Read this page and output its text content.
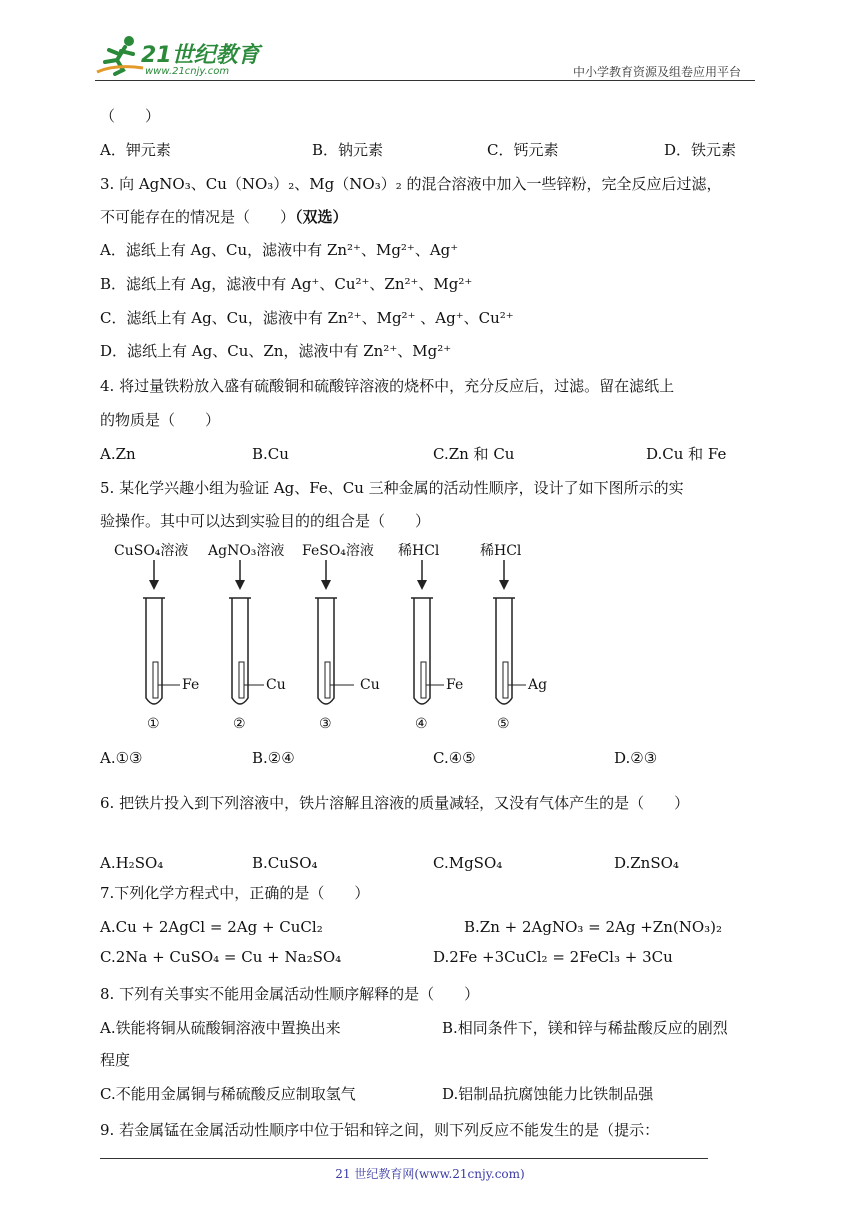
21世纪教育
www.21cnjy.com	中小学教育资源及组卷应用平台
（　　）
A．钾元素	B．钠元素	C．钙元素	D．铁元素
3. 向 AgNO₃、Cu（NO₃）₂、Mg（NO₃）₂ 的混合溶液中加入一些锌粉，完全反应后过滤，
不可能存在的情况是（　　）（双选）
A．滤纸上有 Ag、Cu，滤液中有 Zn²⁺、Mg²⁺、Ag⁺
B．滤纸上有 Ag，滤液中有 Ag⁺、Cu²⁺、Zn²⁺、Mg²⁺
C．滤纸上有 Ag、Cu，滤液中有 Zn²⁺、Mg²⁺ 、Ag⁺、Cu²⁺
D．滤纸上有 Ag、Cu、Zn，滤液中有 Zn²⁺、Mg²⁺
4. 将过量铁粉放入盛有硫酸铜和硫酸锌溶液的烧杯中，充分反应后，过滤。留在滤纸上
的物质是（　　）
A.Zn	B.Cu	C.Zn 和 Cu	D.Cu 和 Fe
5. 某化学兴趣小组为验证 Ag、Fe、Cu 三种金属的活动性顺序，设计了如下图所示的实
验操作。其中可以达到实验目的的组合是（　　）
CuSO₄溶液
Fe
①
AgNO₃溶液
Cu
②
FeSO₄溶液
Cu
③
稀HCl
Fe
④
稀HCl
Ag
⑤
A.①③	B.②④	C.④⑤	D.②③
6. 把铁片投入到下列溶液中，铁片溶解且溶液的质量减轻，又没有气体产生的是（　　）
A.H₂SO₄	B.CuSO₄	C.MgSO₄	D.ZnSO₄
7.下列化学方程式中，正确的是（　　）
A.Cu + 2AgCl = 2Ag + CuCl₂	B.Zn + 2AgNO₃ = 2Ag +Zn(NO₃)₂
C.2Na + CuSO₄ = Cu + Na₂SO₄	D.2Fe +3CuCl₂ = 2FeCl₃ + 3Cu
8. 下列有关事实不能用金属活动性顺序解释的是（　　）
A.铁能将铜从硫酸铜溶液中置换出来	B.相同条件下，镁和锌与稀盐酸反应的剧烈
程度
C.不能用金属铜与稀硫酸反应制取氢气	D.铝制品抗腐蚀能力比铁制品强
9. 若金属锰在金属活动性顺序中位于铝和锌之间，则下列反应不能发生的是（提示：
21 世纪教育网(www.21cnjy.com)
